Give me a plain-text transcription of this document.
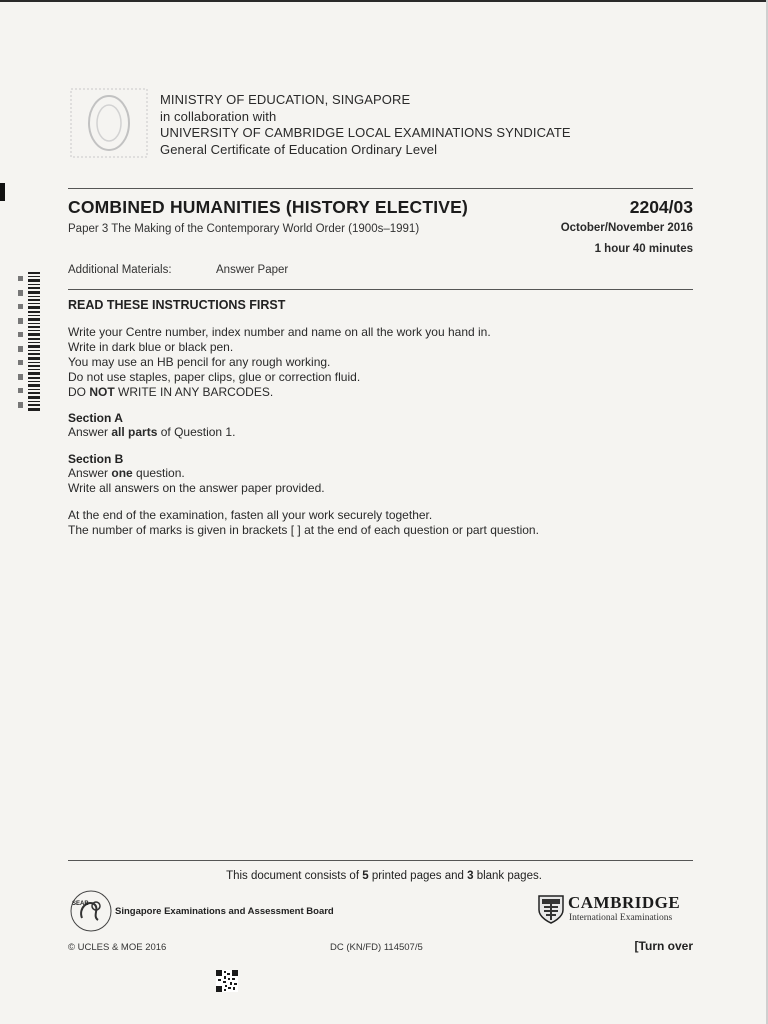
MINISTRY OF EDUCATION, SINGAPORE
in collaboration with
UNIVERSITY OF CAMBRIDGE LOCAL EXAMINATIONS SYNDICATE
General Certificate of Education Ordinary Level
COMBINED HUMANITIES (HISTORY ELECTIVE)	2204/03
Paper 3 The Making of the Contemporary World Order (1900s–1991)	October/November 2016
1 hour 40 minutes
Additional Materials:	Answer Paper
READ THESE INSTRUCTIONS FIRST
Write your Centre number, index number and name on all the work you hand in.
Write in dark blue or black pen.
You may use an HB pencil for any rough working.
Do not use staples, paper clips, glue or correction fluid.
DO NOT WRITE IN ANY BARCODES.
Section A
Answer all parts of Question 1.
Section B
Answer one question.
Write all answers on the answer paper provided.
At the end of the examination, fasten all your work securely together.
The number of marks is given in brackets [ ] at the end of each question or part question.
This document consists of 5 printed pages and 3 blank pages.
SEAB
Singapore Examinations and Assessment Board	CAMBRIDGE
International Examinations
© UCLES & MOE 2016	DC (KN/FD) 114507/5	[Turn over
